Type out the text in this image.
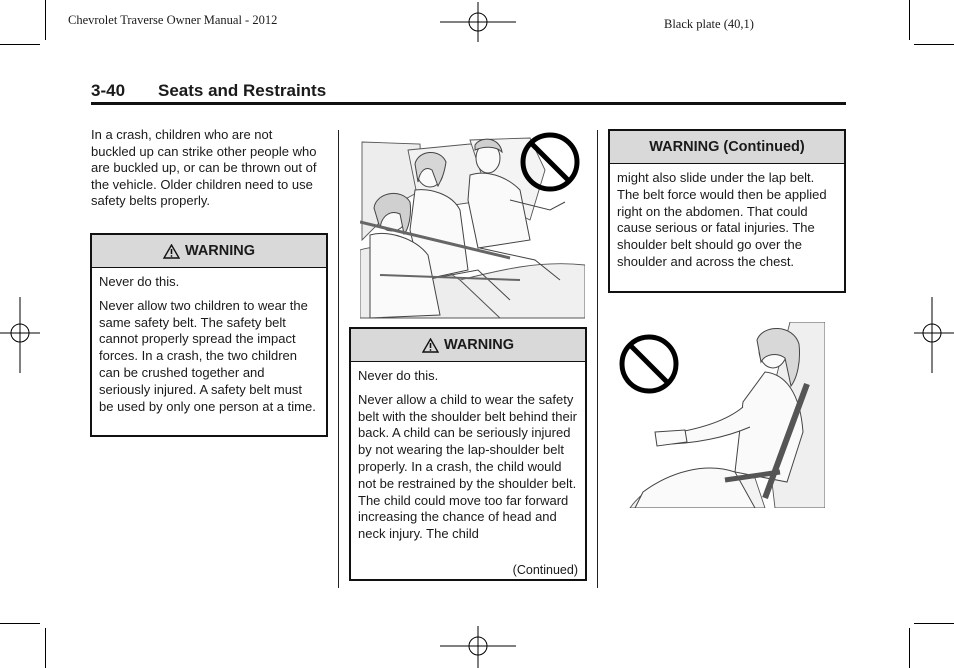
Chevrolet Traverse Owner Manual - 2012	Black plate (40,1)
3-40 Seats and Restraints
In a crash, children who are not buckled up can strike other people who are buckled up, or can be thrown out of the vehicle. Older children need to use safety belts properly.
WARNING

Never do this.

Never allow two children to wear the same safety belt. The safety belt cannot properly spread the impact forces. In a crash, the two children can be crushed together and seriously injured. A safety belt must be used by only one person at a time.

WARNING

Never do this.

Never allow a child to wear the safety belt with the shoulder belt behind their back. A child can be seriously injured by not wearing the lap-shoulder belt properly. In a crash, the child would not be restrained by the shoulder belt. The child could move too far forward increasing the chance of head and neck injury. The child

(Continued)
WARNING (Continued)

might also slide under the lap belt. The belt force would then be applied right on the abdomen. That could cause serious or fatal injuries. The shoulder belt should go over the shoulder and across the chest.
